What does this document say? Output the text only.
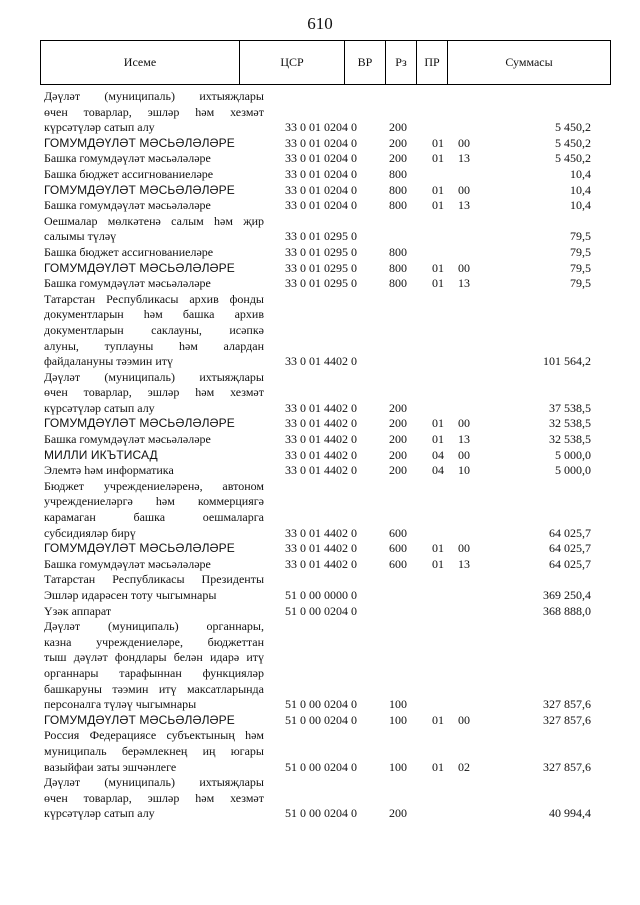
610
Исеме	ЦСР	ВР	Рз	ПР	Суммасы
Дәүләт (муниципаль) ихтыяҗлары
өчен товарлар, эшләр һәм хезмәт
күрсәтүләр сатып алу	33 0 01 0204 0	200	5 450,2
ГОМУМДӘҮЛӘТ МӘСЬӘЛӘЛӘРЕ	33 0 01 0204 0	200 01 00	5 450,2
Башка гомумдәүләт мәсьәләләре	33 0 01 0204 0	200 01 13	5 450,2
Башка бюджет ассигнованиеләре	33 0 01 0204 0	800	10,4
ГОМУМДӘҮЛӘТ МӘСЬӘЛӘЛӘРЕ	33 0 01 0204 0	800 01 00	10,4
Башка гомумдәүләт мәсьәләләре	33 0 01 0204 0	800 01 13	10,4
Оешмалар мөлкәтенә салым һәм җир
салымы түләү	33 0 01 0295 0	79,5
Башка бюджет ассигнованиеләре	33 0 01 0295 0	800	79,5
ГОМУМДӘҮЛӘТ МӘСЬӘЛӘЛӘРЕ	33 0 01 0295 0	800 01 00	79,5
Башка гомумдәүләт мәсьәләләре	33 0 01 0295 0	800 01 13	79,5
Татарстан Республикасы архив фонды
документларын һәм башка архив
документларын саклауны, исәпкә
алуны, туплауны һәм алардан
файдалануны тәэмин итү	33 0 01 4402 0	101 564,2
Дәүләт (муниципаль) ихтыяҗлары
өчен товарлар, эшләр һәм хезмәт
күрсәтүләр сатып алу	33 0 01 4402 0	200	37 538,5
ГОМУМДӘҮЛӘТ МӘСЬӘЛӘЛӘРЕ	33 0 01 4402 0	200 01 00	32 538,5
Башка гомумдәүләт мәсьәләләре	33 0 01 4402 0	200 01 13	32 538,5
МИЛЛИ ИКЪТИСАД	33 0 01 4402 0	200 04 00	5 000,0
Элемтә һәм информатика	33 0 01 4402 0	200 04 10	5 000,0
Бюджет учреждениеләренә, автоном
учреждениеләргә һәм коммерциягә
карамаган башка оешмаларга
субсидияләр бирү	33 0 01 4402 0	600	64 025,7
ГОМУМДӘҮЛӘТ МӘСЬӘЛӘЛӘРЕ	33 0 01 4402 0	600 01 00	64 025,7
Башка гомумдәүләт мәсьәләләре	33 0 01 4402 0	600 01 13	64 025,7
Татарстан Республикасы Президенты
Эшләр идарәсен тоту чыгымнары	51 0 00 0000 0	369 250,4
Үзәк аппарат	51 0 00 0204 0	368 888,0
Дәүләт (муниципаль) органнары,
казна учреждениеләре, бюджеттан
тыш дәүләт фондлары белән идарә итү
органнары тарафыннан функцияләр
башкаруны тәэмин итү максатларында
персоналга түләү чыгымнары	51 0 00 0204 0	100	327 857,6
ГОМУМДӘҮЛӘТ МӘСЬӘЛӘЛӘРЕ	51 0 00 0204 0	100 01 00	327 857,6
Россия Федерациясе субъектының һәм
муниципаль берәмлекнең иң югары
вазыйфаи заты эшчәнлеге	51 0 00 0204 0	100 01 02	327 857,6
Дәүләт (муниципаль) ихтыяҗлары
өчен товарлар, эшләр һәм хезмәт
күрсәтүләр сатып алу	51 0 00 0204 0	200	40 994,4
